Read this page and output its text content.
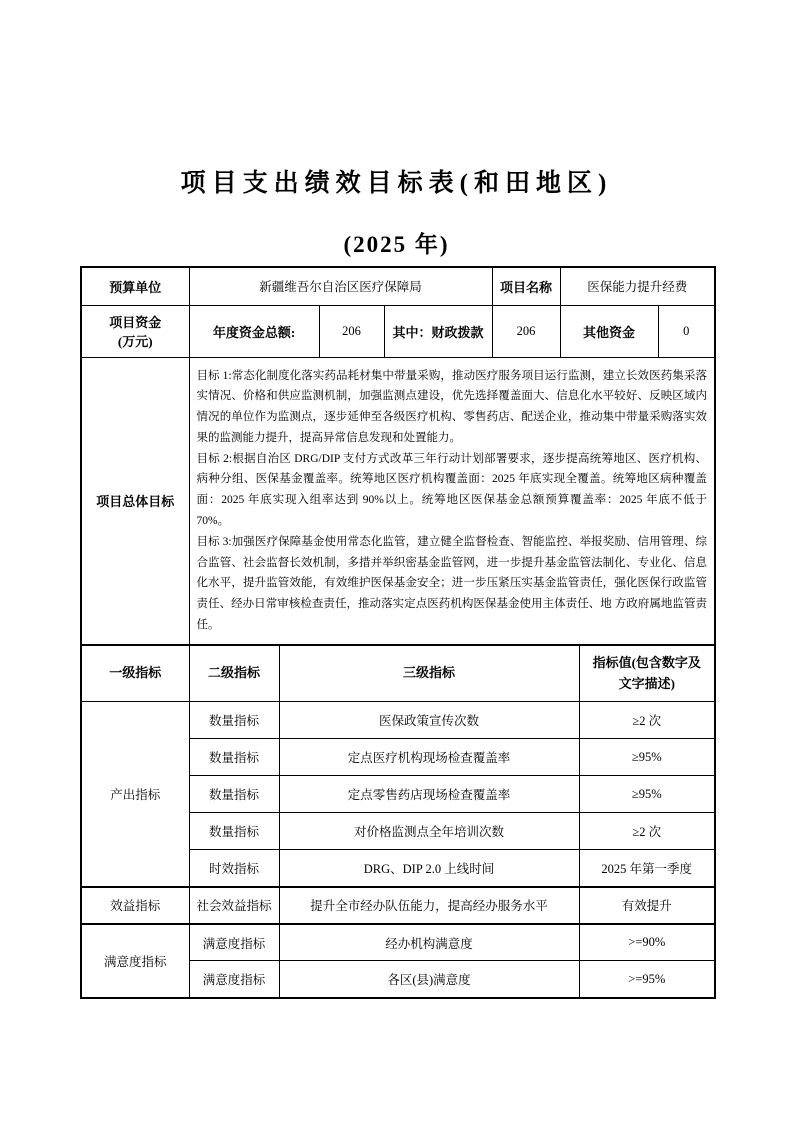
项目支出绩效目标表(和田地区)
(2025 年)
预算单位	新疆维吾尔自治区医疗保障局			项目名称	医保能力提升经费	

项目资金
(万元)	年度资金总额:	206	其中：财政拨款	206	其他资金	0
项目总体目标	目标 1:常态化制度化落实药品耗材集中带量采购，推动医疗服务项目运行监测，建立长效医药集采落实情况、价格和供应监测机制，加强监测点建设，优先选择覆盖面大、信息化水平较好、反映区域内情况的单位作为监测点，逐步延伸至各级医疗机构、零售药店、配送企业，推动集中带量采购落实效果的监测能力提升，提高异常信息发现和处置能力。

目标 2:根据自治区 DRG/DIP 支付方式改革三年行动计划部署要求，逐步提高统筹地区、医疗机构、病种分组、医保基金覆盖率。统筹地区医疗机构覆盖面：2025 年底实现全覆盖。统筹地区病种覆盖面：2025 年底实现入组率达到 90%以上。统筹地区医保基金总额预算覆盖率：2025 年底不低于 70%。

目标 3:加强医疗保障基金使用常态化监管，建立健全监督检查、智能监控、举报奖励、信用管理、综合监管、社会监督长效机制，多措并举织密基金监管网，进一步提升基金监管法制化、专业化、信息化水平，提升监管效能，有效维护医保基金安全；进一步压紧压实基金监管责任，强化医保行政监管责任、经办日常审核检查责任，推动落实定点医药机构医保基金使用主体责任、地 方政府属地监管责任。					

一级指标	二级指标	三级指标	指标值(包含数字及文字描述)
产出指标	数量指标	医保政策宣传次数	≥2 次
	数量指标	定点医疗机构现场检查覆盖率	≥95%
	数量指标	定点零售药店现场检查覆盖率	≥95%
	数量指标	对价格监测点全年培训次数	≥2 次
	时效指标	DRG、DIP 2.0 上线时间	2025 年第一季度
效益指标	社会效益指标	提升全市经办队伍能力，提高经办服务水平	有效提升
满意度指标	满意度指标	经办机构满意度	>=90%
	满意度指标	各区(县)满意度	>=95%
